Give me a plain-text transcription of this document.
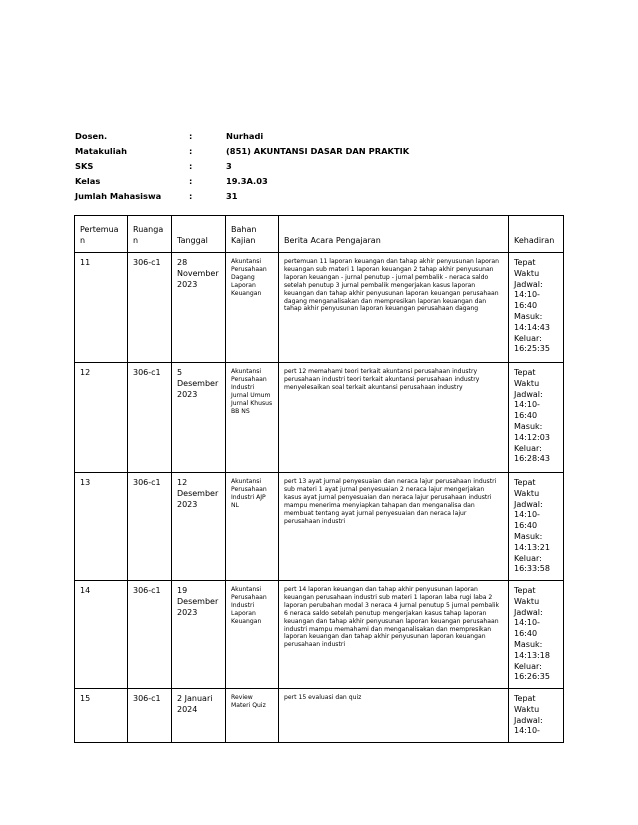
Dosen.	:	Nurhadi
Matakuliah	:	(851) AKUNTANSI DASAR DAN PRAKTIK
SKS	:	3
Kelas	:	19.3A.03
Jumlah Mahasiswa	:	31
Pertemuan	Ruangan	Tanggal	Bahan Kajian	Berita Acara Pengajaran	Kehadiran
11	306-c1	28 November 2023	Akuntansi Perusahaan Dagang Laporan Keuangan	pertemuan 11 laporan keuangan dan tahap akhir penyusunan laporan keuangan sub materi 1 laporan keuangan 2 tahap akhir penyusunan laporan keuangan - jurnal penutup - jurnal pembalik - neraca saldo setelah penutup 3 jurnal pembalik mengerjakan kasus laporan keuangan dan tahap akhir penyusunan laporan keuangan perusahaan dagang menganalisakan dan mempresikan laporan keuangan dan tahap akhir penyusunan laporan keuangan perusahaan dagang	Tepat Waktu Jadwal: 14:10-16:40 Masuk: 14:14:43 Keluar: 16:25:35
12	306-c1	5 Desember 2023	Akuntansi Perusahaan Industri Jurnal Umum Jurnal Khusus BB NS	pert 12 memahami teori terkait akuntansi perusahaan industry perusahaan industri teori terkait akuntansi perusahaan industry menyelesaikan soal terkait akuntansi perusahaan industry	Tepat Waktu Jadwal: 14:10-16:40 Masuk: 14:12:03 Keluar: 16:28:43
13	306-c1	12 Desember 2023	Akuntansi Perusahaan Industri AJP NL	pert 13 ayat jurnal penyesuaian dan neraca lajur perusahaan industri sub materi 1 ayat jurnal penyesuaian 2 neraca lajur mengerjakan kasus ayat jurnal penyesuaian dan neraca lajur perusahaan industri mampu menerima menyiapkan tahapan dan menganalisa dan membuat tentang ayat jurnal penyesuaian dan neraca lajur perusahaan industri	Tepat Waktu Jadwal: 14:10-16:40 Masuk: 14:13:21 Keluar: 16:33:58
14	306-c1	19 Desember 2023	Akuntansi Perusahaan Industri Laporan Keuangan	pert 14 laporan keuangan dan tahap akhir penyusunan laporan keuangan perusahaan industri sub materi 1 laporan laba rugi laba 2 laporan perubahan modal 3 neraca 4 jurnal penutup 5 jurnal pembalik 6 neraca saldo setelah penutup mengerjakan kasus tahap laporan keuangan dan tahap akhir penyusunan laporan keuangan perusahaan industri mampu memahami dan menganalisakan dan mempresikan laporan keuangan dan tahap akhir penyusunan laporan keuangan perusahaan industri	Tepat Waktu Jadwal: 14:10-16:40 Masuk: 14:13:18 Keluar: 16:26:35
15	306-c1	2 Januari 2024	Review Materi Quiz	pert 15 evaluasi dan quiz	Tepat Waktu Jadwal: 14:10-
